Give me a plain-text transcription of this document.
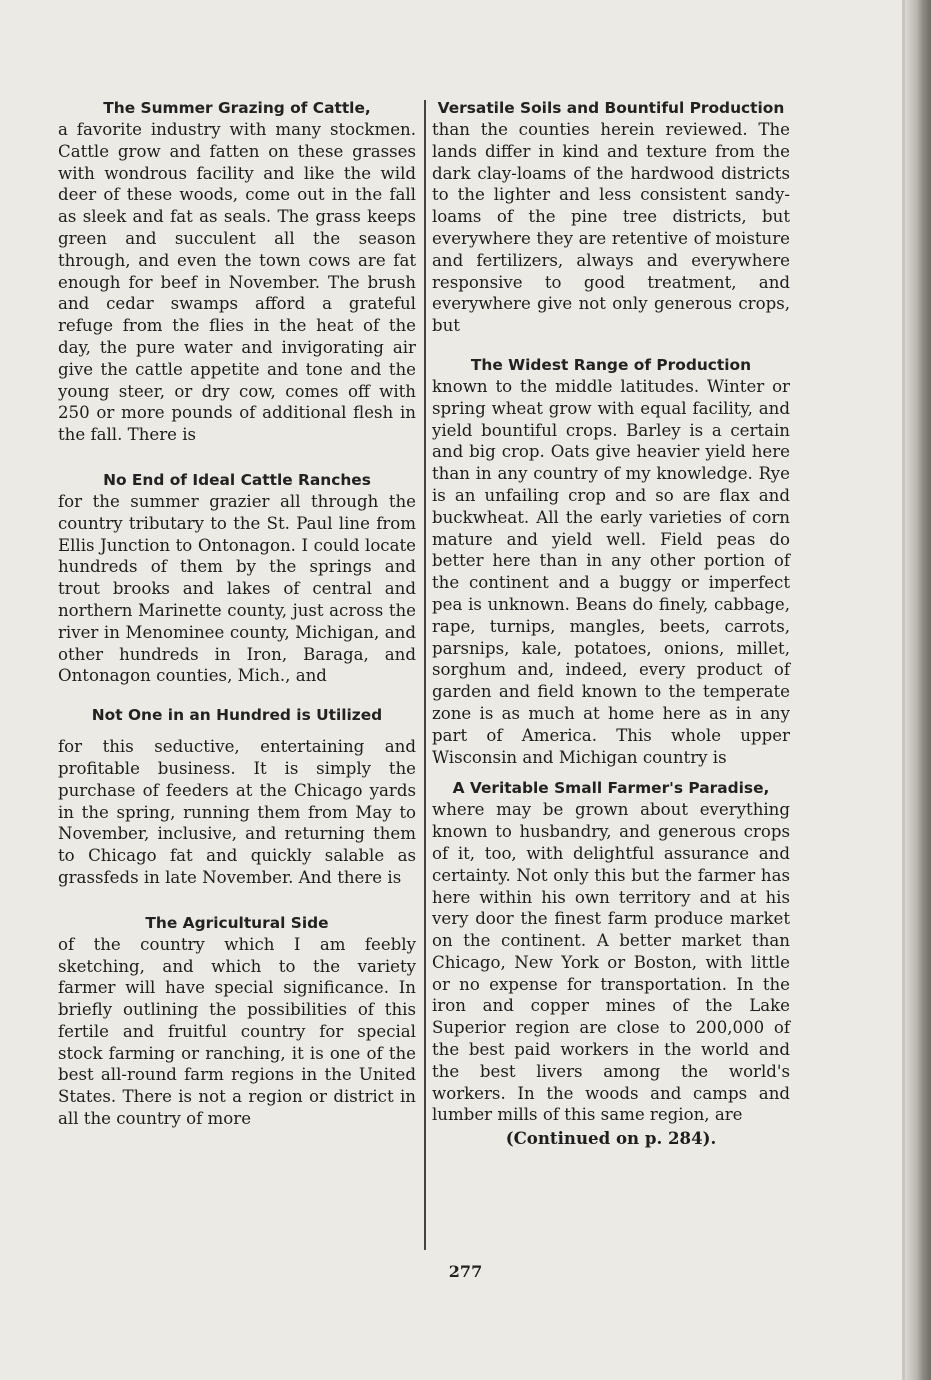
The Summer Grazing of Cattle,

a favorite industry with many stockmen. Cattle grow and fatten on these grasses with wondrous facility and like the wild deer of these woods, come out in the fall as sleek and fat as seals. The grass keeps green and succulent all the season through, and even the town cows are fat enough for beef in November. The brush and cedar swamps afford a grateful refuge from the flies in the heat of the day, the pure water and invigorating air give the cattle appetite and tone and the young steer, or dry cow, comes off with 250 or more pounds of additional flesh in the fall. There is

No End of Ideal Cattle Ranches

for the summer grazier all through the country tributary to the St. Paul line from Ellis Junction to Ontonagon. I could locate hundreds of them by the springs and trout brooks and lakes of central and northern Marinette county, just across the river in Menominee county, Michigan, and other hundreds in Iron, Baraga, and Ontonagon counties, Mich., and

Not One in an Hundred is Utilized

for this seductive, entertaining and profitable business. It is simply the purchase of feeders at the Chicago yards in the spring, running them from May to November, inclusive, and returning them to Chicago fat and quickly salable as grassfeds in late November. And there is

The Agricultural Side

of the country which I am feebly sketching, and which to the variety farmer will have special significance. In briefly outlining the possibilities of this fertile and fruitful country for special stock farming or ranching, it is one of the best all-round farm regions in the United States. There is not a region or district in all the country of more

Versatile Soils and Bountiful Production

than the counties herein reviewed. The lands differ in kind and texture from the dark clay-loams of the hardwood districts to the lighter and less consistent sandy-loams of the pine tree districts, but everywhere they are retentive of moisture and fertilizers, always and everywhere responsive to good treatment, and everywhere give not only generous crops, but

The Widest Range of Production

known to the middle latitudes. Winter or spring wheat grow with equal facility, and yield bountiful crops. Barley is a certain and big crop. Oats give heavier yield here than in any country of my knowledge. Rye is an unfailing crop and so are flax and buckwheat. All the early varieties of corn mature and yield well. Field peas do better here than in any other portion of the continent and a buggy or imperfect pea is unknown. Beans do finely, cabbage, rape, turnips, mangles, beets, carrots, parsnips, kale, potatoes, onions, millet, sorghum and, indeed, every product of garden and field known to the temperate zone is as much at home here as in any part of America. This whole upper Wisconsin and Michigan country is

A Veritable Small Farmer's Paradise,

where may be grown about everything known to husbandry, and generous crops of it, too, with delightful assurance and certainty. Not only this but the farmer has here within his own territory and at his very door the finest farm produce market on the continent. A better market than Chicago, New York or Boston, with little or no expense for transportation. In the iron and copper mines of the Lake Superior region are close to 200,000 of the best paid workers in the world and the best livers among the world's workers. In the woods and camps and lumber mills of this same region, are

(Continued on p. 284).
277
